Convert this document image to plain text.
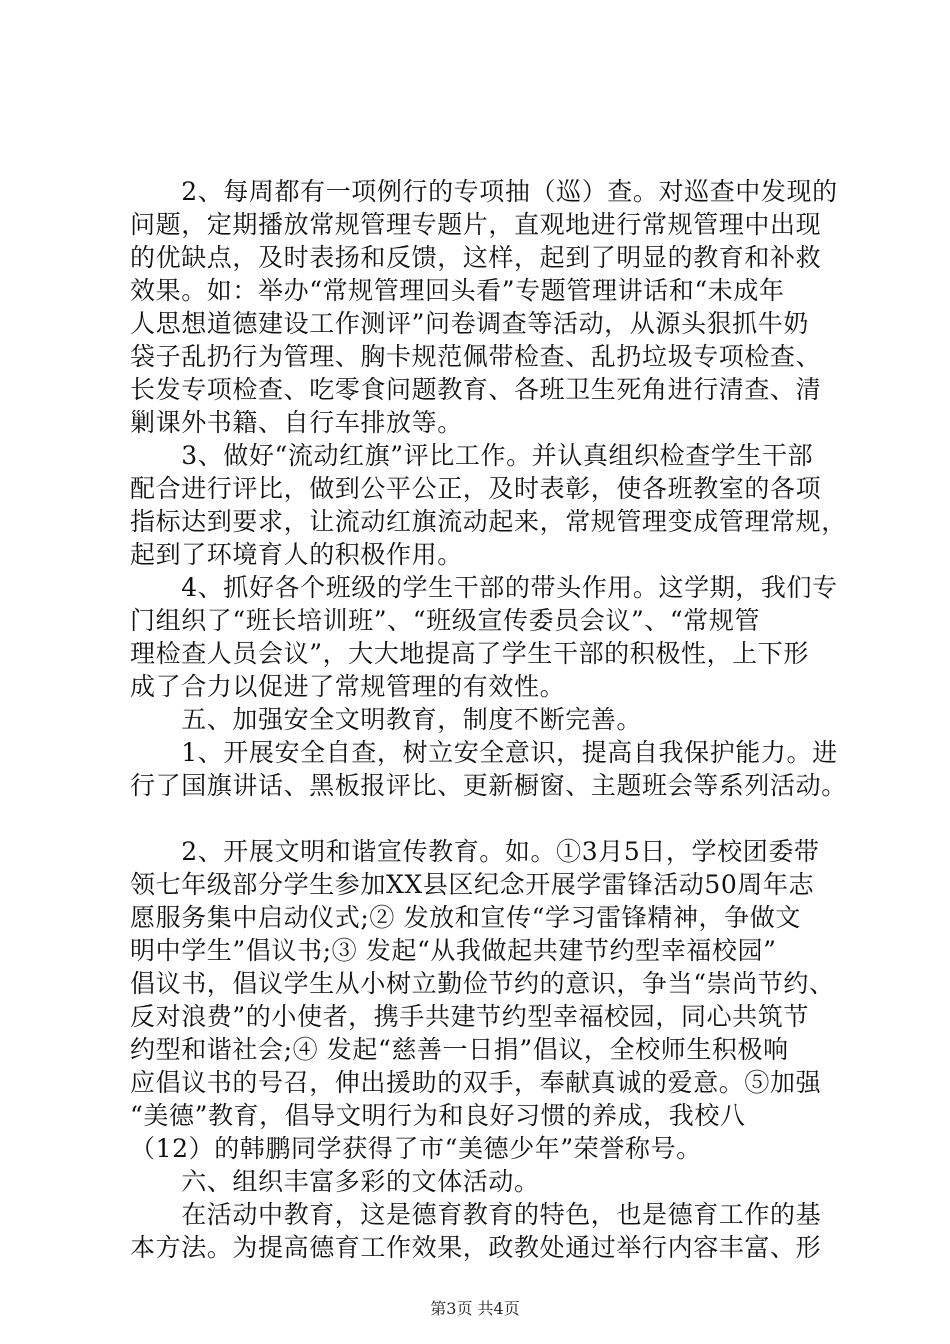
　　2、每周都有一项例行的专项抽（巡）查。对巡查中发现的
问题，定期播放常规管理专题片，直观地进行常规管理中出现
的优缺点，及时表扬和反馈，这样，起到了明显的教育和补救
效果。如：举办“常规管理回头看”专题管理讲话和“未成年
人思想道德建设工作测评”问卷调查等活动，从源头狠抓牛奶
袋子乱扔行为管理、胸卡规范佩带检查、乱扔垃圾专项检查、
长发专项检查、吃零食问题教育、各班卫生死角进行清查、清
剿课外书籍、自行车排放等。
　　3、做好“流动红旗”评比工作。并认真组织检查学生干部
配合进行评比，做到公平公正，及时表彰，使各班教室的各项
指标达到要求，让流动红旗流动起来，常规管理变成管理常规，
起到了环境育人的积极作用。
　　4、抓好各个班级的学生干部的带头作用。这学期，我们专
门组织了“班长培训班”、“班级宣传委员会议”、“常规管
理检查人员会议”，大大地提高了学生干部的积极性，上下形
成了合力以促进了常规管理的有效性。
　　五、加强安全文明教育，制度不断完善。
　　1、开展安全自查，树立安全意识，提高自我保护能力。进
行了国旗讲话、黑板报评比、更新橱窗、主题班会等系列活动。
　　2、开展文明和谐宣传教育。如。①3月5日，学校团委带
领七年级部分学生参加XX县区纪念开展学雷锋活动50周年志
愿服务集中启动仪式;② 发放和宣传“学习雷锋精神，争做文
明中学生”倡议书;③ 发起“从我做起共建节约型幸福校园”
倡议书，倡议学生从小树立勤俭节约的意识，争当“崇尚节约、
反对浪费”的小使者，携手共建节约型幸福校园，同心共筑节
约型和谐社会;④ 发起“慈善一日捐”倡议，全校师生积极响
应倡议书的号召，伸出援助的双手，奉献真诚的爱意。⑤加强
“美德”教育，倡导文明行为和良好习惯的养成，我校八
（12）的韩鹏同学获得了市“美德少年”荣誉称号。
　　六、组织丰富多彩的文体活动。
　　在活动中教育，这是德育教育的特色，也是德育工作的基
本方法。为提高德育工作效果，政教处通过举行内容丰富、形
第3页 共4页
